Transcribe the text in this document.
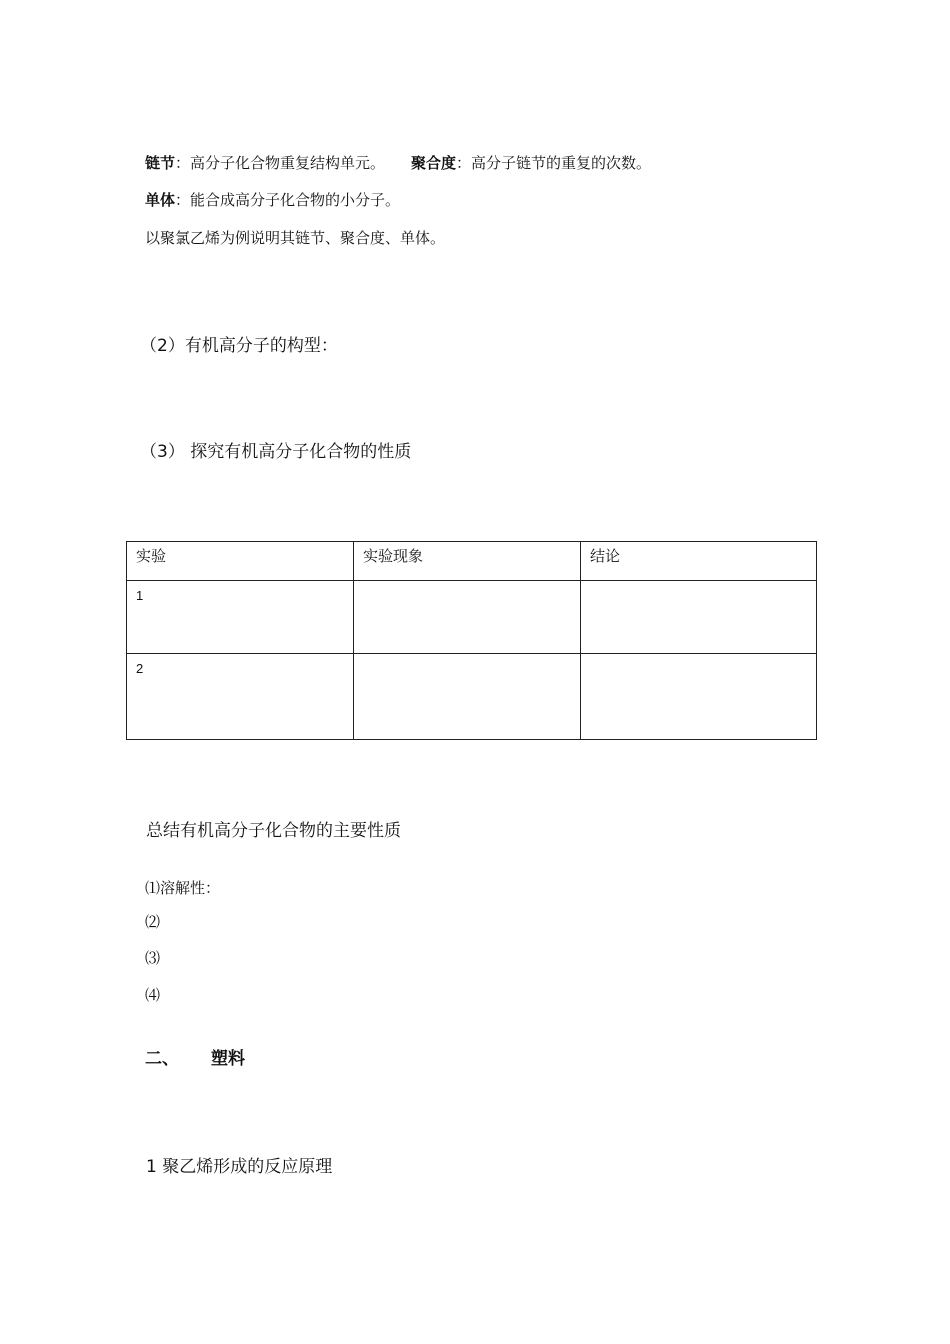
链节：高分子化合物重复结构单元。 聚合度：高分子链节的重复的次数。
单体：能合成高分子化合物的小分子。
以聚氯乙烯为例说明其链节、聚合度、单体。
（2）有机高分子的构型：
（3） 探究有机高分子化合物的性质
实验	实验现象	结论
1		
2		
总结有机高分子化合物的主要性质
⑴溶解性：
⑵
⑶
⑷
二、 塑料
1 聚乙烯形成的反应原理
